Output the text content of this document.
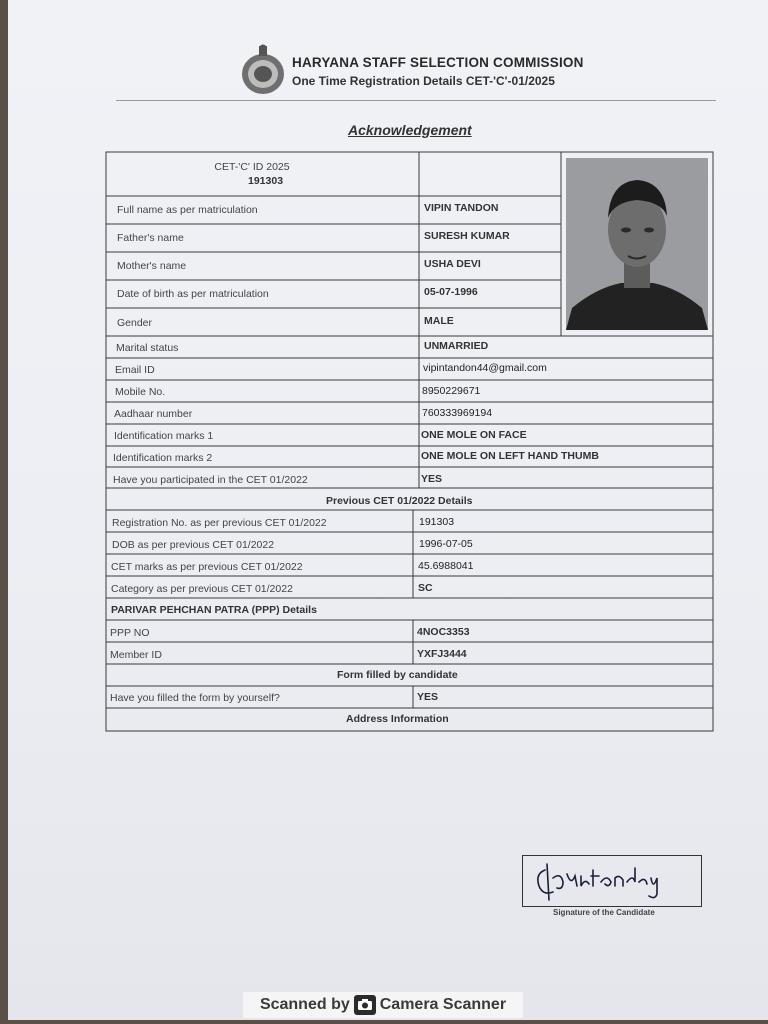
HARYANA STAFF SELECTION COMMISSION
One Time Registration Details CET-'C'-01/2025
Acknowledgement
CET-'C' ID 2025
191303
Full name as per matriculation	VIPIN TANDON
Father's name	SURESH KUMAR
Mother's name	USHA DEVI
Date of birth as per matriculation	05-07-1996
Gender	MALE
Marital status	UNMARRIED
Email ID	vipintandon44@gmail.com
Mobile No.	8950229671
Aadhaar number	760333969194
Identification marks 1	ONE MOLE ON FACE
Identification marks 2	ONE MOLE ON LEFT HAND THUMB
Have you participated in the CET 01/2022	YES
Previous CET 01/2022 Details
Registration No. as per previous CET 01/2022	191303
DOB as per previous CET 01/2022	1996-07-05
CET marks as per previous CET 01/2022	45.6988041
Category as per previous CET 01/2022	SC
PARIVAR PEHCHAN PATRA (PPP) Details
PPP NO	4NOC3353
Member ID	YXFJ3444
Form filled by candidate
Have you filled the form by yourself?	YES
Address Information
Signature of the Candidate
Scanned by Camera Scanner
